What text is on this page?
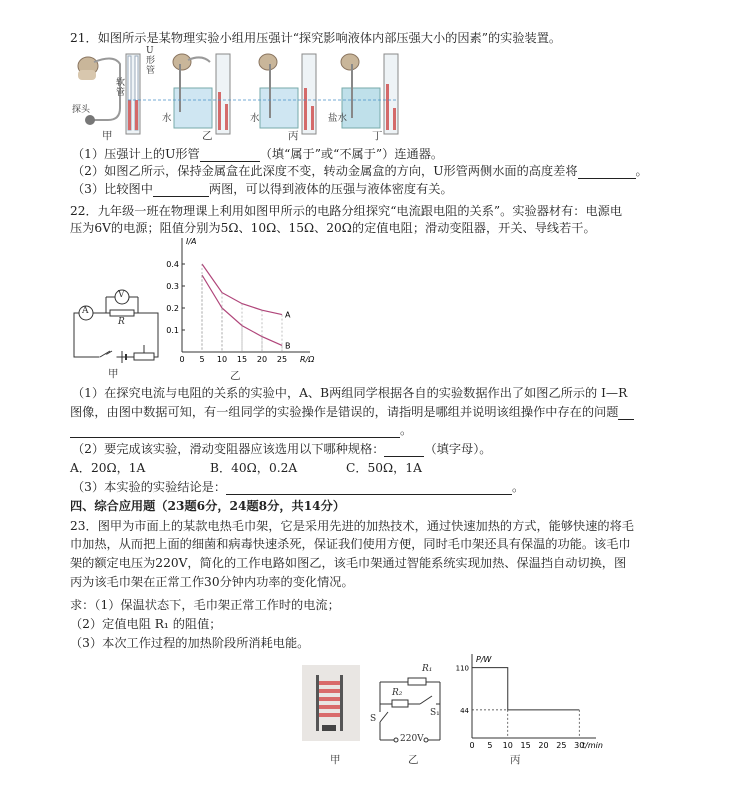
21．如图所示是某物理实验小组用压强计“探究影响液体内部压强大小的因素”的实验装置。
U形管
软管
探头
水	水	盐水
甲	乙	丙	丁
（1）压强计上的U形管	（填“属于”或“不属于”）连通器。
（2）如图乙所示，保持金属盒在此深度不变，转动金属盒的方向，U形管两侧水面的高度差将	。
（3）比较图中	两图，可以得到液体的压强与液体密度有关。
22．九年级一班在物理课上利用如图甲所示的电路分组探究“电流跟电阻的关系”。实验器材有：电源电
压为6V的电源；阻值分别为5Ω、10Ω、15Ω、20Ω的定值电阻；滑动变阻器，开关、导线若干。
A
V
R
甲
I/A
R/Ω
0 5 10 15 20 25
0.1
0.2
0.3
0.4
A
B
乙
（1）在探究电流与电阻的关系的实验中，A、B两组同学根据各自的实验数据作出了如图乙所示的 I—R
图像，由图中数据可知，有一组同学的实验操作是错误的，请指明是哪组并说明该组操作中存在的问题
。
（2）要完成该实验，滑动变阻器应该选用以下哪种规格：	（填字母）。
A．20Ω，1A	B．40Ω，0.2A	C．50Ω，1A
（3）本实验的实验结论是：	。
四、综合应用题（23题6分，24题8分，共14分）
23．图甲为市面上的某款电热毛巾架，它是采用先进的加热技术，通过快速加热的方式，能够快速的将毛
巾加热，从而把上面的细菌和病毒快速杀死，保证我们使用方便，同时毛巾架还具有保温的功能。该毛巾
架的额定电压为220V，简化的工作电路如图乙，该毛巾架通过智能系统实现加热、保温挡自动切换，图
丙为该毛巾架在正常工作30分钟内功率的变化情况。
求：（1）保温状态下，毛巾架正常工作时的电流；
（2）定值电阻 R₁ 的阻值；
（3）本次工作过程的加热阶段所消耗电能。
甲
R₁
R₂
S
S₁
220V
乙
P/W
t/min
0 5 10 15 20 25 30
44
110
丙
